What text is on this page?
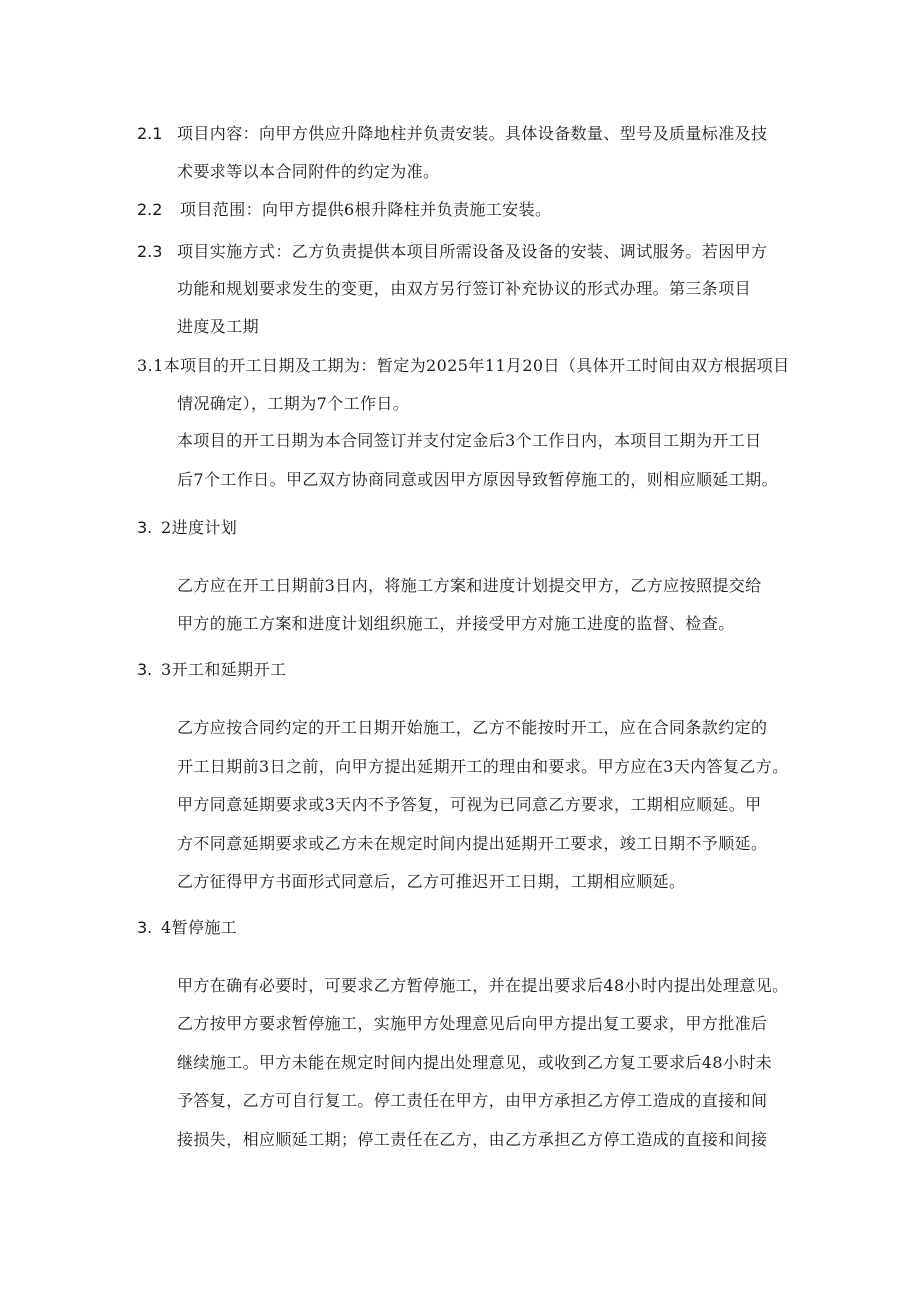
2.1 项目内容：向甲方供应升降地柱并负责安装。具体设备数量、型号及质量标准及技

术要求等以本合同附件的约定为准。

2.2 项目范围：向甲方提供6根升降柱并负责施工安装。

2.3 项目实施方式：乙方负责提供本项目所需设备及设备的安装、调试服务。若因甲方

功能和规划要求发生的变更，由双方另行签订补充协议的形式办理。第三条项目

进度及工期

3.1本项目的开工日期及工期为：暂定为2025年11月20日（具体开工时间由双方根据项目

情况确定），工期为7个工作日。

本项目的开工日期为本合同签订并支付定金后3个工作日内，本项目工期为开工日

后7个工作日。甲乙双方协商同意或因甲方原因导致暂停施工的，则相应顺延工期。

3. 2进度计划

乙方应在开工日期前3日内，将施工方案和进度计划提交甲方，乙方应按照提交给

甲方的施工方案和进度计划组织施工，并接受甲方对施工进度的监督、检查。

3. 3开工和延期开工

乙方应按合同约定的开工日期开始施工，乙方不能按时开工，应在合同条款约定的

开工日期前3日之前，向甲方提出延期开工的理由和要求。甲方应在3天内答复乙方。

甲方同意延期要求或3天内不予答复，可视为已同意乙方要求，工期相应顺延。甲

方不同意延期要求或乙方未在规定时间内提出延期开工要求，竣工日期不予顺延。

乙方征得甲方书面形式同意后，乙方可推迟开工日期，工期相应顺延。

3. 4暂停施工

甲方在确有必要时，可要求乙方暂停施工，并在提出要求后48小时内提出处理意见。

乙方按甲方要求暂停施工，实施甲方处理意见后向甲方提出复工要求，甲方批准后

继续施工。甲方未能在规定时间内提出处理意见，或收到乙方复工要求后48小时未

予答复，乙方可自行复工。停工责任在甲方，由甲方承担乙方停工造成的直接和间

接损失，相应顺延工期；停工责任在乙方，由乙方承担乙方停工造成的直接和间接
